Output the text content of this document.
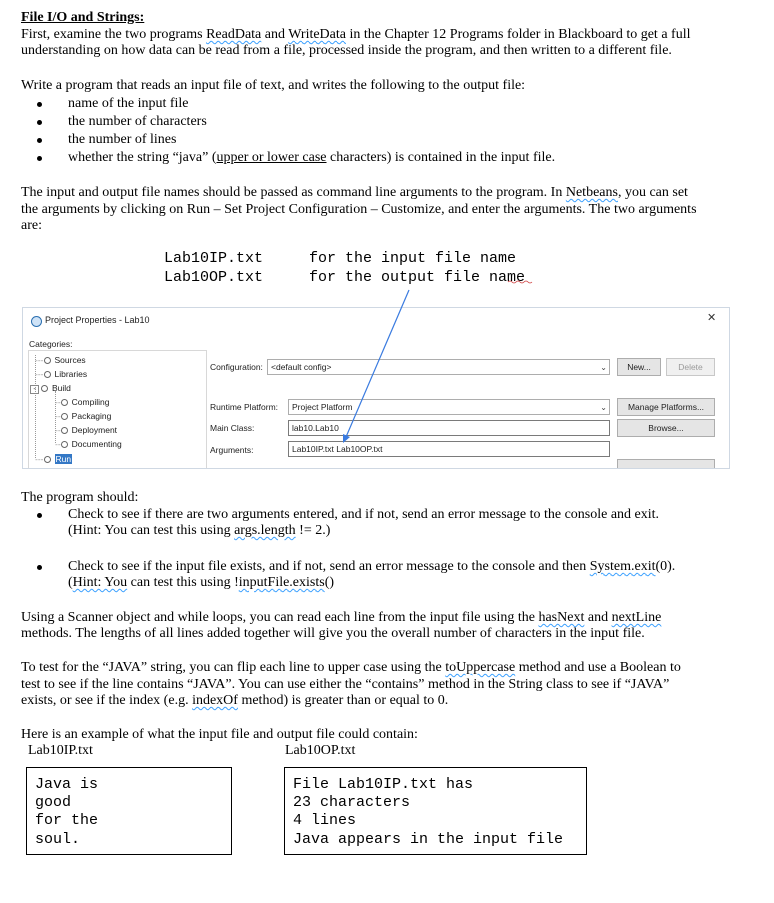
File I/O and Strings:
First, examine the two programs ReadData and WriteData in the Chapter 12 Programs folder in Blackboard to get a full
understanding on how data can be read from a file, processed inside the program, and then written to a different file.
Write a program that reads an input file of text, and writes the following to the output file:
name of the input file
the number of characters
the number of lines
whether the string “java” (upper or lower case characters) is contained in the input file.
The input and output file names should be passed as command line arguments to the program. In Netbeans, you can set
the arguments by clicking on Run – Set Project Configuration – Customize, and enter the arguments. The two arguments
are:
Lab10IP.txt	for the input file name
Lab10OP.txt	for the output file name
Project Properties - Lab10	✕
Categories:
--- Sources
--- Libraries
- Build
-- Compiling
-- Packaging
-- Deployment
-- Documenting
--- Run
Configuration: <default config>	⌄	New...	Delete
Runtime Platform:	Project Platform	⌄	Manage Platforms...
Main Class:	lab10.Lab10	Browse...
Arguments:	Lab10IP.txt Lab10OP.txt
The program should:
Check to see if there are two arguments entered, and if not, send an error message to the console and exit.
(Hint: You can test this using args.length != 2.)
Check to see if the input file exists, and if not, send an error message to the console and then System.exit(0).
(Hint: You can test this using !inputFile.exists()
Using a Scanner object and while loops, you can read each line from the input file using the hasNext and nextLine
methods. The lengths of all lines added together will give you the overall number of characters in the input file.
To test for the “JAVA” string, you can flip each line to upper case using the toUppercase method and use a Boolean to
test to see if the line contains “JAVA”. You can use either the “contains” method in the String class to see if “JAVA”
exists, or see if the index (e.g. indexOf method) is greater than or equal to 0.
Here is an example of what the input file and output file could contain:
Lab10IP.txt	Lab10OP.txt
Java is
good
for the
soul.
File Lab10IP.txt has
23 characters
4 lines
Java appears in the input file
